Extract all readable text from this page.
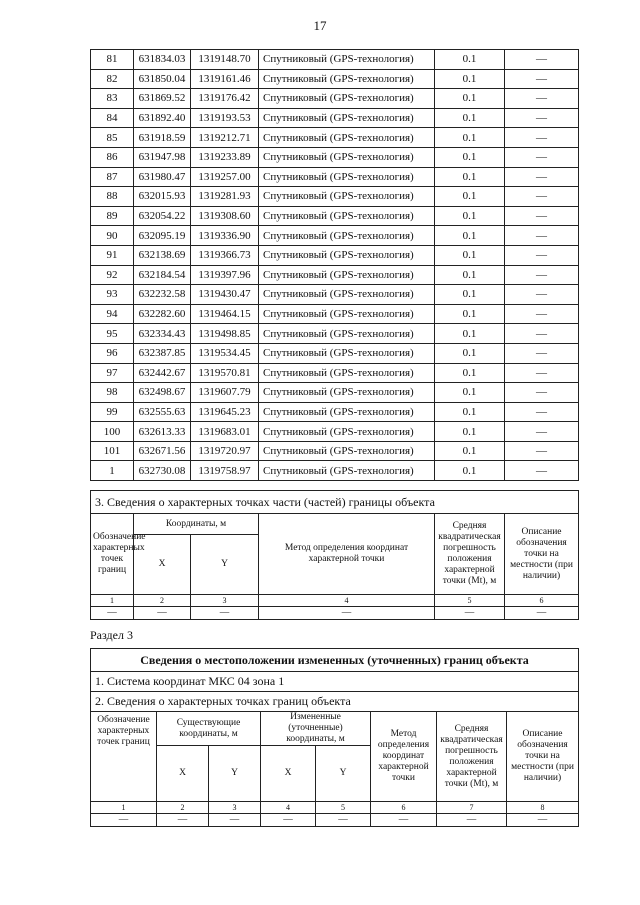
17
81	631834.03	1319148.70	Спутниковый (GPS-технология)	0.1	—
82	631850.04	1319161.46	Спутниковый (GPS-технология)	0.1	—
83	631869.52	1319176.42	Спутниковый (GPS-технология)	0.1	—
84	631892.40	1319193.53	Спутниковый (GPS-технология)	0.1	—
85	631918.59	1319212.71	Спутниковый (GPS-технология)	0.1	—
86	631947.98	1319233.89	Спутниковый (GPS-технология)	0.1	—
87	631980.47	1319257.00	Спутниковый (GPS-технология)	0.1	—
88	632015.93	1319281.93	Спутниковый (GPS-технология)	0.1	—
89	632054.22	1319308.60	Спутниковый (GPS-технология)	0.1	—
90	632095.19	1319336.90	Спутниковый (GPS-технология)	0.1	—
91	632138.69	1319366.73	Спутниковый (GPS-технология)	0.1	—
92	632184.54	1319397.96	Спутниковый (GPS-технология)	0.1	—
93	632232.58	1319430.47	Спутниковый (GPS-технология)	0.1	—
94	632282.60	1319464.15	Спутниковый (GPS-технология)	0.1	—
95	632334.43	1319498.85	Спутниковый (GPS-технология)	0.1	—
96	632387.85	1319534.45	Спутниковый (GPS-технология)	0.1	—
97	632442.67	1319570.81	Спутниковый (GPS-технология)	0.1	—
98	632498.67	1319607.79	Спутниковый (GPS-технология)	0.1	—
99	632555.63	1319645.23	Спутниковый (GPS-технология)	0.1	—
100	632613.33	1319683.01	Спутниковый (GPS-технология)	0.1	—
101	632671.56	1319720.97	Спутниковый (GPS-технология)	0.1	—
1	632730.08	1319758.97	Спутниковый (GPS-технология)	0.1	—
3. Сведения о характерных точках части (частей) границы объекта					
Обозначение характерных точек границ	Координаты, м		Метод определения координат характерной точки	Средняя квадратическая погрешность положения характерной точки (Mt), м	Описание обозначения точки на местности (при наличии)
	X	Y			
1	2	3	4	5	6
—	—	—	—	—	—
Раздел 3
Сведения о местоположении измененных (уточненных) границ объекта							
1. Система координат МКС 04 зона 1							
2. Сведения о характерных точках границ объекта							
Обозначение характерных точек границ	Существующие координаты, м		Измененные (уточненные) координаты, м		Метод определения координат характерной точки	Средняя квадратическая погрешность положения характерной точки (Mt), м	Описание обозначения точки на местности (при наличии)
	X	Y	X	Y			
1	2	3	4	5	6	7	8
—	—	—	—	—	—	—	—
